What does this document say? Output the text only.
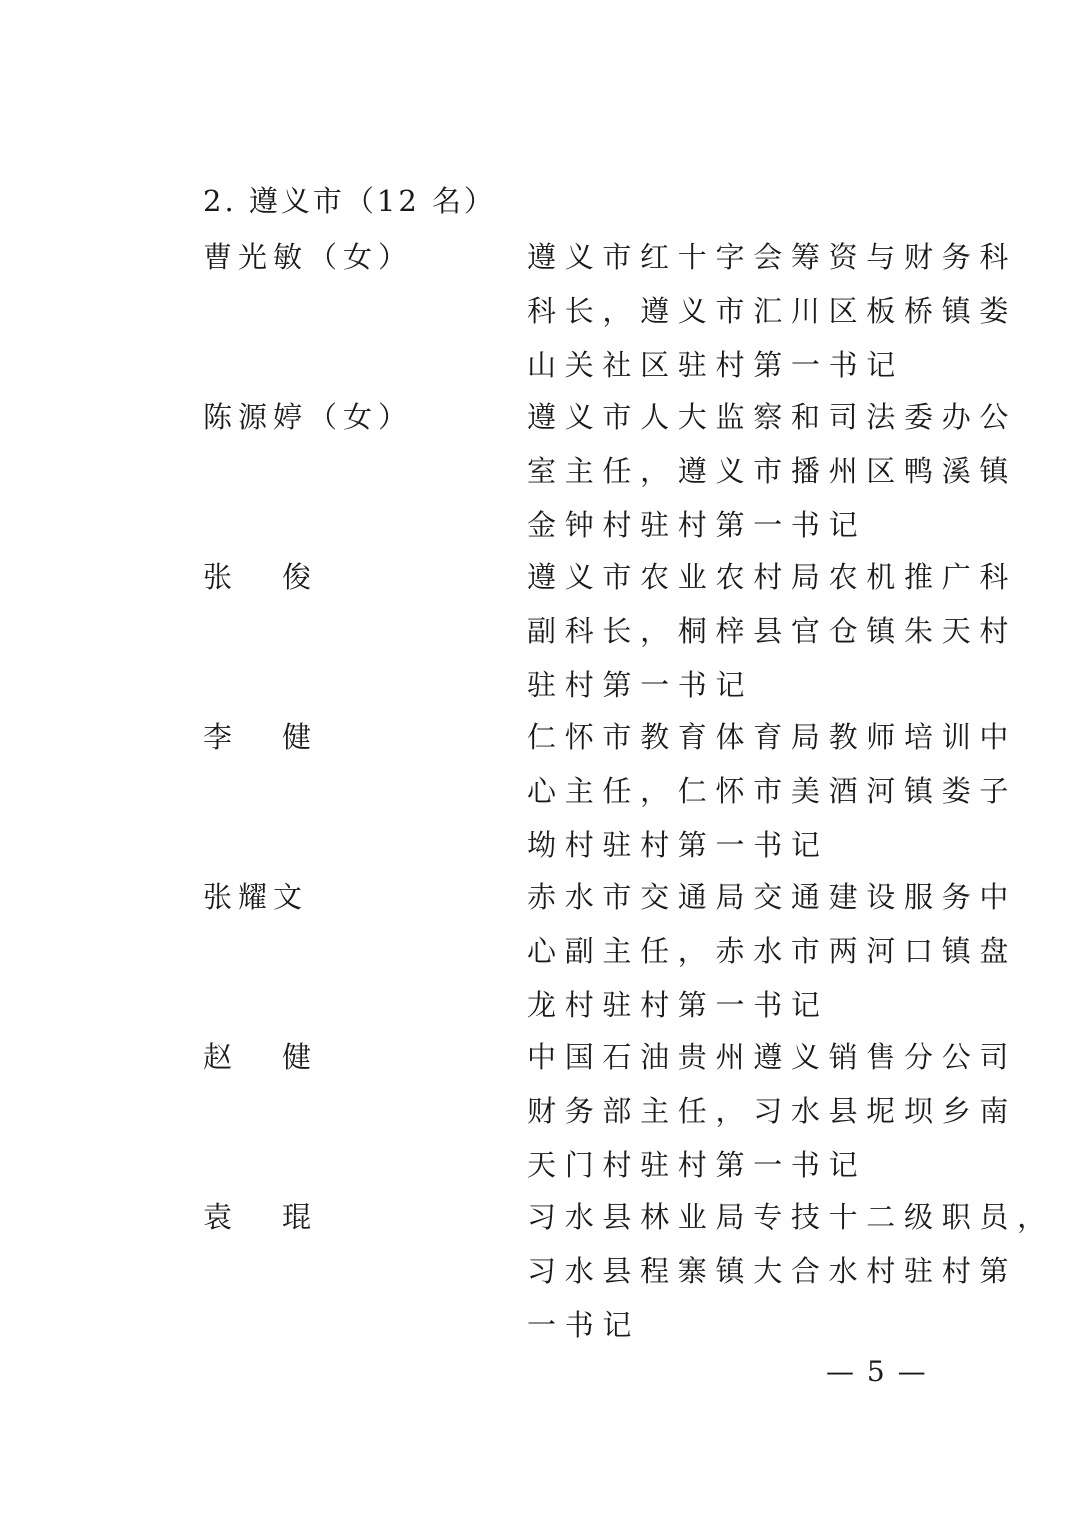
2. 遵义市（12 名）
曹光敏（女）	遵义市红十字会筹资与财务科
科长，遵义市汇川区板桥镇娄
山关社区驻村第一书记
陈源婷（女）	遵义市人大监察和司法委办公
室主任，遵义市播州区鸭溪镇
金钟村驻村第一书记
张 俊	遵义市农业农村局农机推广科
副科长，桐梓县官仓镇朱天村
驻村第一书记
李 健	仁怀市教育体育局教师培训中
心主任，仁怀市美酒河镇娄子
坳村驻村第一书记
张耀文	赤水市交通局交通建设服务中
心副主任，赤水市两河口镇盘
龙村驻村第一书记
赵 健	中国石油贵州遵义销售分公司
财务部主任，习水县坭坝乡南
天门村驻村第一书记
袁 琨	习水县林业局专技十二级职员，
习水县程寨镇大合水村驻村第
一书记
— 5 —
